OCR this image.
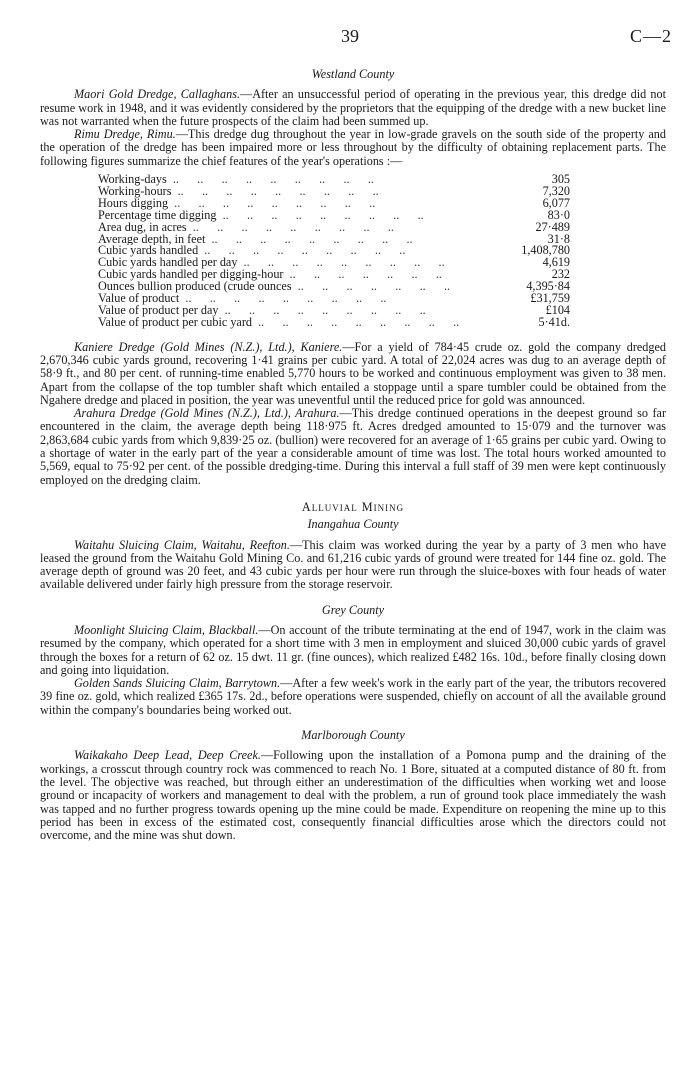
39	C—2
Westland County

Maori Gold Dredge, Callaghans.—After an unsuccessful period of operating in the previous year, this dredge did not resume work in 1948, and it was evidently considered by the proprietors that the equipping of the dredge with a new bucket line was not warranted when the future prospects of the claim had been summed up.

Rimu Dredge, Rimu.—This dredge dug throughout the year in low-grade gravels on the south side of the property and the operation of the dredge has been impaired more or less throughout by the difficulty of obtaining replacement parts. The following figures summarize the chief features of the year's operations :—

Working-days ..	305
Working-hours ..	7,320
Hours digging ..	6,077
Percentage time digging ..	83·0
Area dug, in acres ..	27·489
Average depth, in feet ..	31·8
Cubic yards handled ..	1,408,780
Cubic yards handled per day ..	4,619
Cubic yards handled per digging-hour ..	232
Ounces bullion produced (crude ounces ..	4,395·84
Value of product ..	£31,759
Value of product per day ..	£104
Value of product per cubic yard ..	5·41d.

Kaniere Dredge (Gold Mines (N.Z.), Ltd.), Kaniere.—For a yield of 784·45 crude oz. gold the company dredged 2,670,346 cubic yards ground, recovering 1·41 grains per cubic yard. A total of 22,024 acres was dug to an average depth of 58·9 ft., and 80 per cent. of running-time enabled 5,770 hours to be worked and continuous employment was given to 38 men. Apart from the collapse of the top tumbler shaft which entailed a stoppage until a spare tumbler could be obtained from the Ngahere dredge and placed in position, the year was uneventful until the reduced price for gold was announced.

Arahura Dredge (Gold Mines (N.Z.), Ltd.), Arahura.—This dredge continued operations in the deepest ground so far encountered in the claim, the average depth being 118·975 ft. Acres dredged amounted to 15·079 and the turnover was 2,863,684 cubic yards from which 9,839·25 oz. (bullion) were recovered for an average of 1·65 grains per cubic yard. Owing to a shortage of water in the early part of the year a considerable amount of time was lost. The total hours worked amounted to 5,569, equal to 75·92 per cent. of the possible dredging-time. During this interval a full staff of 39 men were kept continuously employed on the dredging claim.

Alluvial Mining
Inangahua County

Waitahu Sluicing Claim, Waitahu, Reefton.—This claim was worked during the year by a party of 3 men who have leased the ground from the Waitahu Gold Mining Co. and 61,216 cubic yards of ground were treated for 144 fine oz. gold. The average depth of ground was 20 feet, and 43 cubic yards per hour were run through the sluice-boxes with four heads of water available delivered under fairly high pressure from the storage reservoir.

Grey County

Moonlight Sluicing Claim, Blackball.—On account of the tribute terminating at the end of 1947, work in the claim was resumed by the company, which operated for a short time with 3 men in employment and sluiced 30,000 cubic yards of gravel through the boxes for a return of 62 oz. 15 dwt. 11 gr. (fine ounces), which realized £482 16s. 10d., before finally closing down and going into liquidation.

Golden Sands Sluicing Claim, Barrytown.—After a few week's work in the early part of the year, the tributors recovered 39 fine oz. gold, which realized £365 17s. 2d., before operations were suspended, chiefly on account of all the available ground within the company's boundaries being worked out.

Marlborough County

Waikakaho Deep Lead, Deep Creek.—Following upon the installation of a Pomona pump and the draining of the workings, a crosscut through country rock was commenced to reach No. 1 Bore, situated at a computed distance of 80 ft. from the level. The objective was reached, but through either an underestimation of the difficulties when working wet and loose ground or incapacity of workers and management to deal with the problem, a run of ground took place immediately the wash was tapped and no further progress towards opening up the mine could be made. Expenditure on reopening the mine up to this period has been in excess of the estimated cost, consequently financial difficulties arose which the directors could not overcome, and the mine was shut down.
